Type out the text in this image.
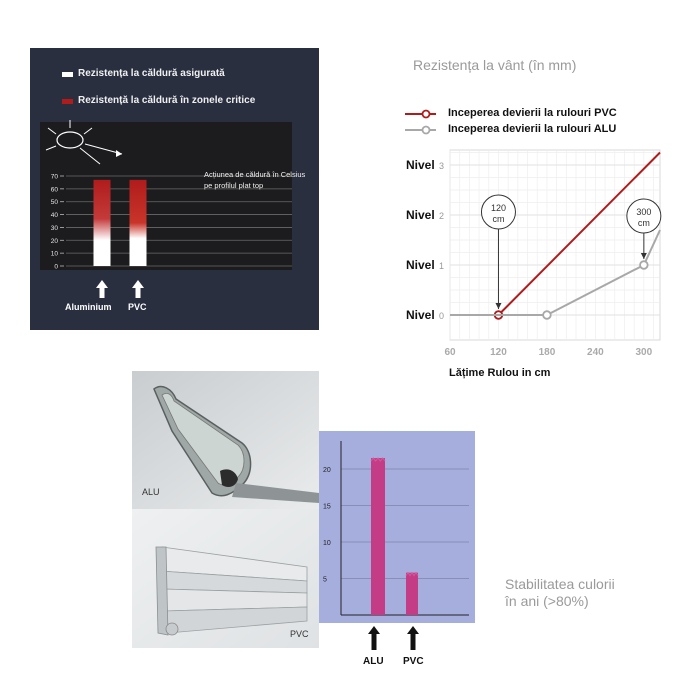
Rezistența la căldură asigurată
Rezistență la căldură în zonele critice
0
10
20
30
40
50
60
70	Acțiunea de căldură în Celsius
pe profilul plat top
Aluminium PVC
Rezistența la vânt (în mm)
Inceperea devierii la rulouri PVC
Inceperea devierii la rulouri ALU
Nivel 0
Nivel 1
Nivel 2
Nivel 3
60	120	180	240	300
120
cm
300
cm
Lățime Rulou in cm
ALU
PVC
5
10
15
20
ALU PVC
Stabilitatea culorii
în ani (>80%)
